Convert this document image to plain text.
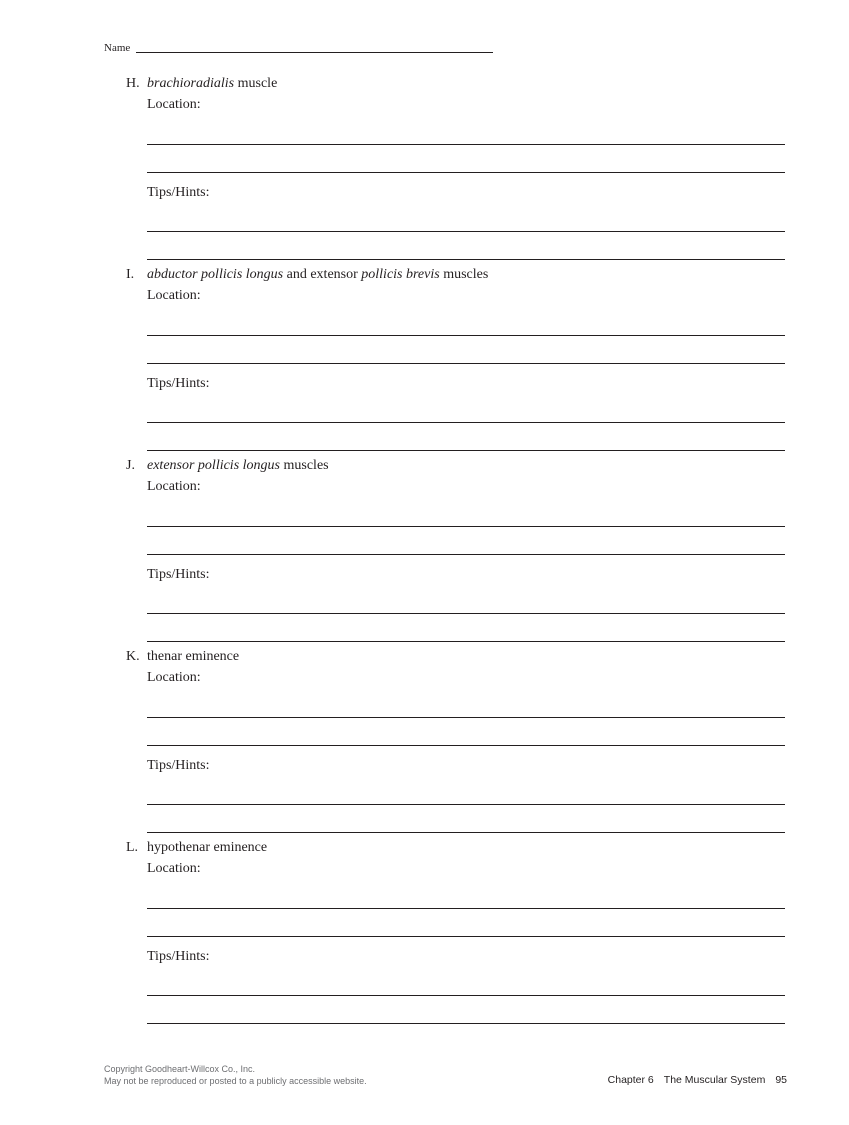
Name
H. brachioradialis muscle
Location:
Tips/Hints:
I. abductor pollicis longus and extensor pollicis brevis muscles
Location:
Tips/Hints:
J. extensor pollicis longus muscles
Location:
Tips/Hints:
K. thenar eminence
Location:
Tips/Hints:
L. hypothenar eminence
Location:
Tips/Hints:
Copyright Goodheart-Willcox Co., Inc.
May not be reproduced or posted to a publicly accessible website.	Chapter 6 The Muscular System 95
